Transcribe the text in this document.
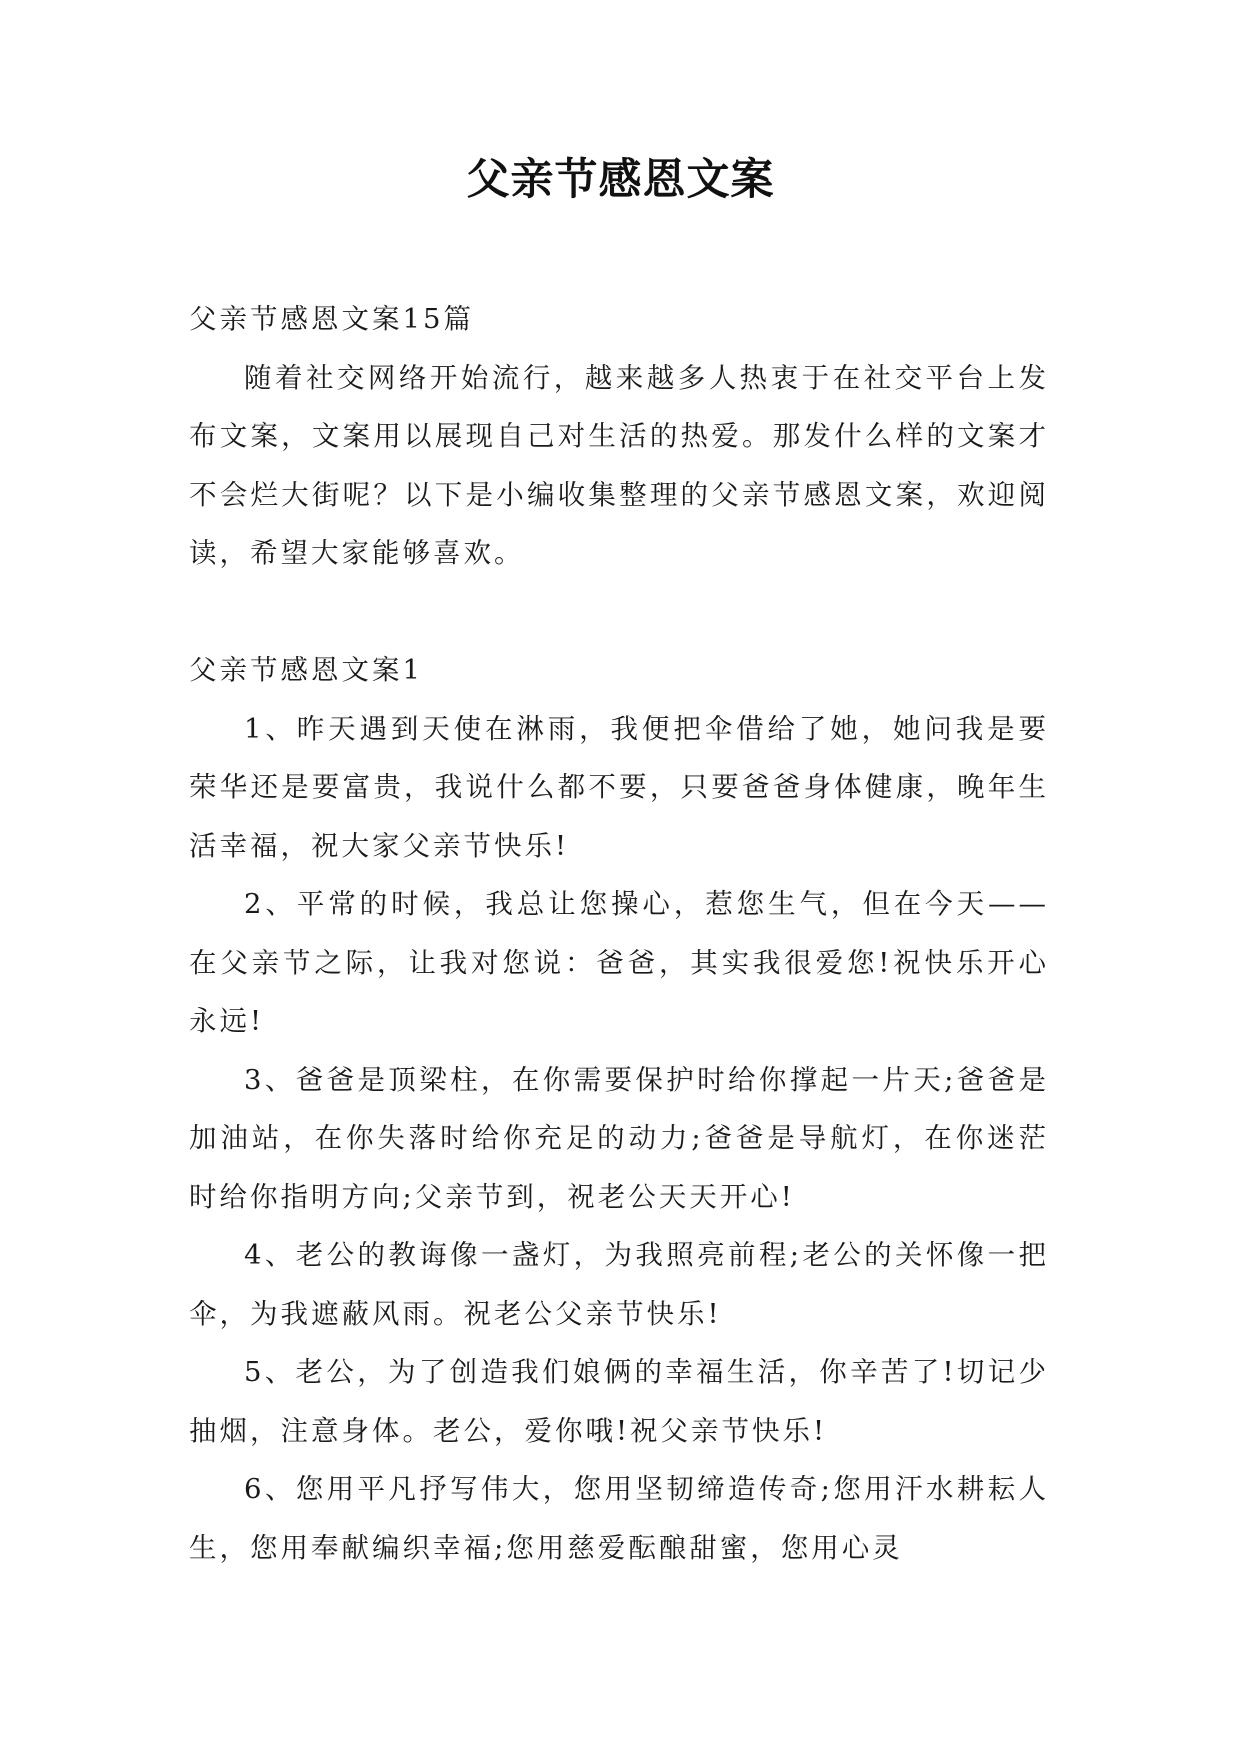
父亲节感恩文案

父亲节感恩文案15篇

随着社交网络开始流行，越来越多人热衷于在社交平台上发布文案，文案用以展现自己对生活的热爱。那发什么样的文案才不会烂大街呢？以下是小编收集整理的父亲节感恩文案，欢迎阅读，希望大家能够喜欢。

父亲节感恩文案1

1、昨天遇到天使在淋雨，我便把伞借给了她，她问我是要荣华还是要富贵，我说什么都不要，只要爸爸身体健康，晚年生活幸福，祝大家父亲节快乐!

2、平常的时候，我总让您操心，惹您生气，但在今天——在父亲节之际，让我对您说：爸爸，其实我很爱您!祝快乐开心永远!

3、爸爸是顶梁柱，在你需要保护时给你撑起一片天;爸爸是加油站，在你失落时给你充足的动力;爸爸是导航灯，在你迷茫时给你指明方向;父亲节到，祝老公天天开心!

4、老公的教诲像一盏灯，为我照亮前程;老公的关怀像一把伞，为我遮蔽风雨。祝老公父亲节快乐!

5、老公，为了创造我们娘俩的幸福生活，你辛苦了!切记少抽烟，注意身体。老公，爱你哦!祝父亲节快乐!

6、您用平凡抒写伟大，您用坚韧缔造传奇;您用汗水耕耘人生，您用奉献编织幸福;您用慈爱酝酿甜蜜，您用心灵
